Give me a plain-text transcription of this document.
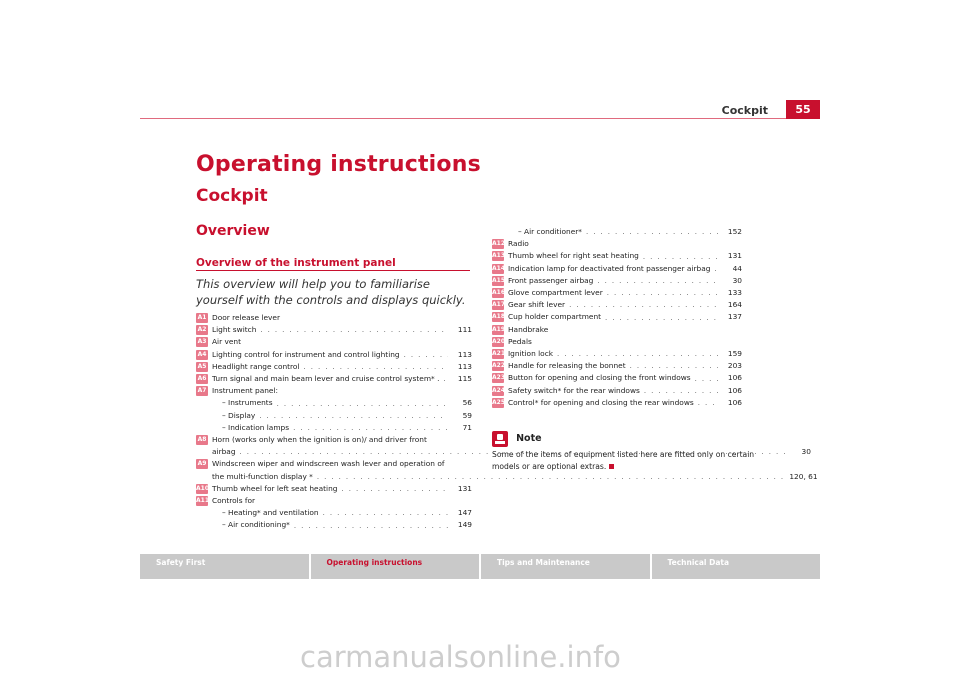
Cockpit	55
Operating instructions
Cockpit
Overview
Overview of the instrument panel
This overview will help you to familiarise yourself with the controls and displays quickly.
A1 Door release lever
A2 Light switch . . .	111
A3 Air vent
A4 Lighting control for instrument and control lighting . . .	113
A5 Headlight range control . . .	113
A6 Turn signal and main beam lever and cruise control system* . . . .	115
A7 Instrument panel:
– Instruments . . .	56
– Display . . .	59
– Indication lamps . . .	71
A8 Horn (works only when the ignition is on)/ and driver front
airbag . . .	30
A9 Windscreen wiper and windscreen wash lever and operation of
the multi-function display * . . .	120, 61
A10 Thumb wheel for left seat heating . . .	131
A11 Controls for
– Heating* and ventilation . . .	147
– Air conditioning* . . .	149
– Air conditioner* . . .	152
A12 Radio
A13 Thumb wheel for right seat heating . . .	131
A14 Indication lamp for deactivated front passenger airbag . . .	44
A15 Front passenger airbag . . .	30
A16 Glove compartment lever . . .	133
A17 Gear shift lever . . .	164
A18 Cup holder compartment . . .	137
A19 Handbrake
A20 Pedals
A21 Ignition lock . . .	159
A22 Handle for releasing the bonnet . . .	203
A23 Button for opening and closing the front windows . . .	106
A24 Safety switch* for the rear windows . . .	106
A25 Control* for opening and closing the rear windows . . .	106
Note
Some of the items of equipment listed here are fitted only on certain models or are optional extras.
Safety First	Operating instructions	Tips and Maintenance	Technical Data
carmanualsonline.info
